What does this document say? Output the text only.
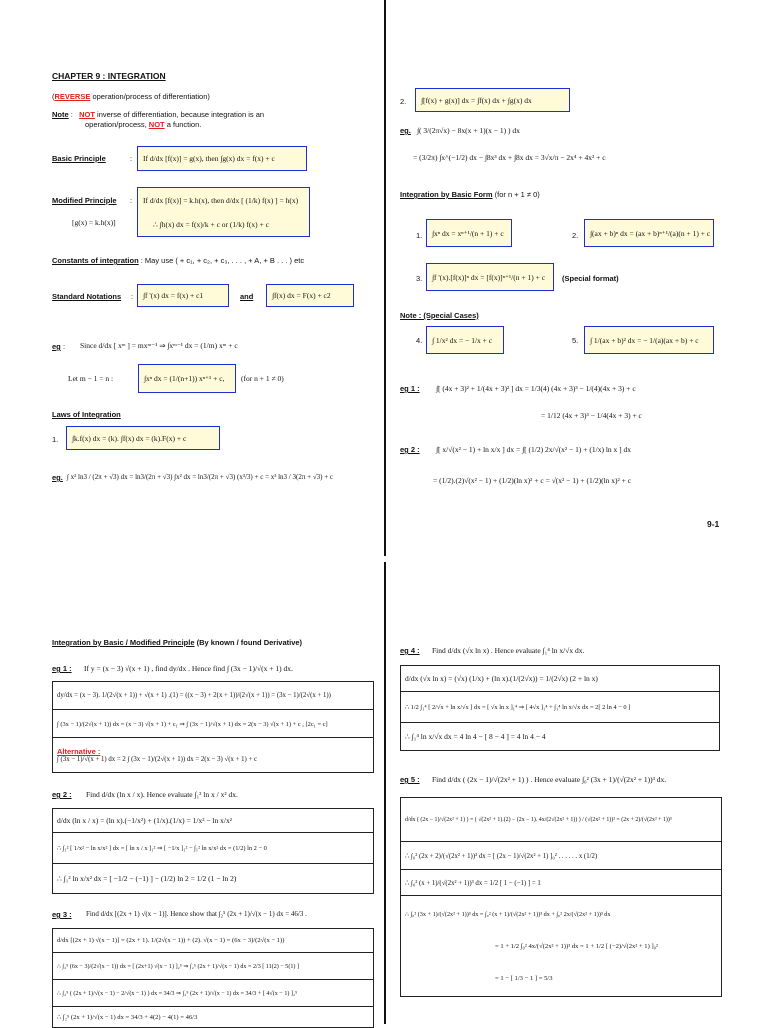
CHAPTER 9 : INTEGRATION
(REVERSE operation/process of differentiation)
Note :   NOT inverse of differentiation, because integration is an
operation/process, NOT a function.
Basic Principle	: If d/dx [f(x)] = g(x), then ∫g(x) dx = f(x) + c
Modified Principle :
[g(x) = k.h(x)]
If d/dx [f(x)] = k.h(x), then d/dx [ (1/k) f(x) ] = h(x)
∴ ∫h(x) dx = f(x)/k + c or (1/k) f(x) + c
Constants of integration : May use ( + c₁, + c₂, + c₃, . . . , + A, + B . . . ) etc
Standard Notations : ∫f '(x) dx = f(x) + c1	and ∫f(x) dx = F(x) + c2
eg : Since d/dx [ xᵐ ] = mxᵐ⁻¹ ⇒ ∫xᵐ⁻¹ dx = (1/m) xᵐ + c
Let m − 1 = n :	∫xⁿ dx = (1/(n+1)) xⁿ⁺¹ + c, (for n + 1 ≠ 0)
Laws of Integration
1. ∫k.f(x) dx = (k). ∫f(x) dx = (k).F(x) + c
eg. ∫ x² ln3 / (2π + √3) dx = ln3/(2π + √3) ∫x² dx = ln3/(2π + √3) (x³/3) + c = x³ ln3 / 3(2π + √3) + c
2. ∫[f(x) + g(x)] dx = ∫f(x) dx + ∫g(x) dx
eg. ∫( 3/(2π√x) − 8x(x + 1)(x − 1) ) dx
= (3/2π) ∫x^(−1/2) dx − ∫8x³ dx + ∫8x dx = 3√x/π − 2x⁴ + 4x² + c
Integration by Basic Form (for n + 1 ≠ 0)
1. ∫xⁿ dx = xⁿ⁺¹/(n + 1) + c	2. ∫(ax + b)ⁿ dx = (ax + b)ⁿ⁺¹/(a)(n + 1) + c
3. ∫f '(x).[f(x)]ⁿ dx = [f(x)]ⁿ⁺¹/(n + 1) + c (Special format)
Note : (Special Cases)
4. ∫ 1/x² dx = − 1/x + c	5. ∫ 1/(ax + b)² dx = − 1/(a)(ax + b) + c
eg 1 : ∫[ (4x + 3)² + 1/(4x + 3)² ] dx = 1/3(4) (4x + 3)³ − 1/(4)(4x + 3) + c
= 1/12 (4x + 3)³ − 1/4(4x + 3) + c
eg 2 : ∫[ x/√(x² − 1) + ln x/x ] dx = ∫[ (1/2) 2x/√(x² − 1) + (1/x) ln x ] dx
= (1/2).(2)√(x² − 1) + (1/2)(ln x)² + c = √(x² − 1) + (1/2)(ln x)² + c
9-1
Integration by Basic / Modified Principle (By known / found Derivative)
eg 1 : If y = (x − 3) √(x + 1) , find dy/dx . Hence find ∫ (3x − 1)/√(x + 1) dx.
dy/dx = (x − 3). 1/(2√(x + 1)) + √(x + 1) .(1) = ((x − 3) + 2(x + 1))/(2√(x + 1)) = (3x − 1)/(2√(x + 1))
∫ (3x − 1)/(2√(x + 1)) dx = (x − 3) √(x + 1) + c₁ ⇒ ∫ (3x − 1)/√(x + 1) dx = 2(x − 3) √(x + 1) + c , [2c₁ = c]
Alternative :
∫ (3x − 1)/√(x + 1) dx = 2 ∫ (3x − 1)/(2√(x + 1)) dx = 2(x − 3) √(x + 1) + c
eg 2 : Find d/dx (ln x / x). Hence evaluate ∫₁² ln x / x² dx.
d/dx (ln x / x) = (ln x).(−1/x²) + (1/x).(1/x) = 1/x² − ln x/x²
∴ ∫₁² [ 1/x² − ln x/x² ] dx = [ ln x / x ]₁² ⇒ [ −1/x ]₁² − ∫₁² ln x/x² dx = (1/2) ln 2 − 0
∴ ∫₁² ln x/x² dx = [ −1/2 − (−1) ] − (1/2) ln 2 = 1/2 (1 − ln 2)
eg 3 : Find d/dx [(2x + 1) √(x − 1)]. Hence show that ∫₂⁵ (2x + 1)/√(x − 1) dx = 46/3 .
d/dx [(2x + 1) √(x − 1)] = (2x + 1). 1/(2√(x − 1)) + (2). √(x − 1) = (6x − 3)/(2√(x − 1))
∴ ∫₂⁵ (6x − 3)/(2√(x − 1)) dx = [ (2x+1) √(x − 1) ]₂⁵ ⇒ ∫₂⁵ (2x + 1)/√(x − 1) dx = 2/3 [ 11(2) − 5(1) ]
∴ ∫₂⁵ ( (2x + 1)/√(x − 1) − 2/√(x − 1) ) dx = 34/3 ⇒ ∫₂⁵ (2x + 1)/√(x − 1) dx = 34/3 + [ 4√(x − 1) ]₂⁵
∴ ∫₂⁵ (2x + 1)/√(x − 1) dx = 34/3 + 4(2) − 4(1) = 46/3
eg 4 : Find d/dx (√x ln x) . Hence evaluate ∫₁⁴ ln x/√x dx.
d/dx (√x ln x) = (√x) (1/x) + (ln x).(1/(2√x)) = 1/(2√x) (2 + ln x)
∴ 1/2 ∫₁⁴ [ 2/√x + ln x/√x ] dx = [ √x ln x ]₁⁴ ⇒ [ 4√x ]₁⁴ + ∫₁⁴ ln x/√x dx = 2[ 2 ln 4 − 0 ]
∴ ∫₁⁴ ln x/√x dx = 4 ln 4 − [ 8 − 4 ] = 4 ln 4 − 4
eg 5 : Find d/dx ( (2x − 1)/√(2x² + 1) ) . Hence evaluate ∫₀² (3x + 1)/(√(2x² + 1))³ dx.
d/dx ( (2x − 1)/√(2x² + 1) ) = ( √(2x² + 1).(2) − (2x − 1). 4x/(2√(2x² + 1)) ) / (√(2x² + 1))² = (2x + 2)/(√(2x² + 1))³
∴ ∫₀² (2x + 2)/(√(2x² + 1))³ dx = [ (2x − 1)/√(2x² + 1) ]₀² . . . . . . x (1/2)
∴ ∫₀² (x + 1)/(√(2x² + 1))³ dx = 1/2 [ 1 − (−1) ] = 1
∴ ∫₀² (3x + 1)/(√(2x² + 1))³ dx = ∫₀² (x + 1)/(√(2x² + 1))³ dx + ∫₀² 2x/(√(2x² + 1))³ dx
= 1 + 1/2 ∫₀² 4x/(√(2x² + 1))³ dx = 1 + 1/2 [ (−2)/√(2x² + 1) ]₀²
= 1 − [ 1/3 − 1 ] = 5/3
